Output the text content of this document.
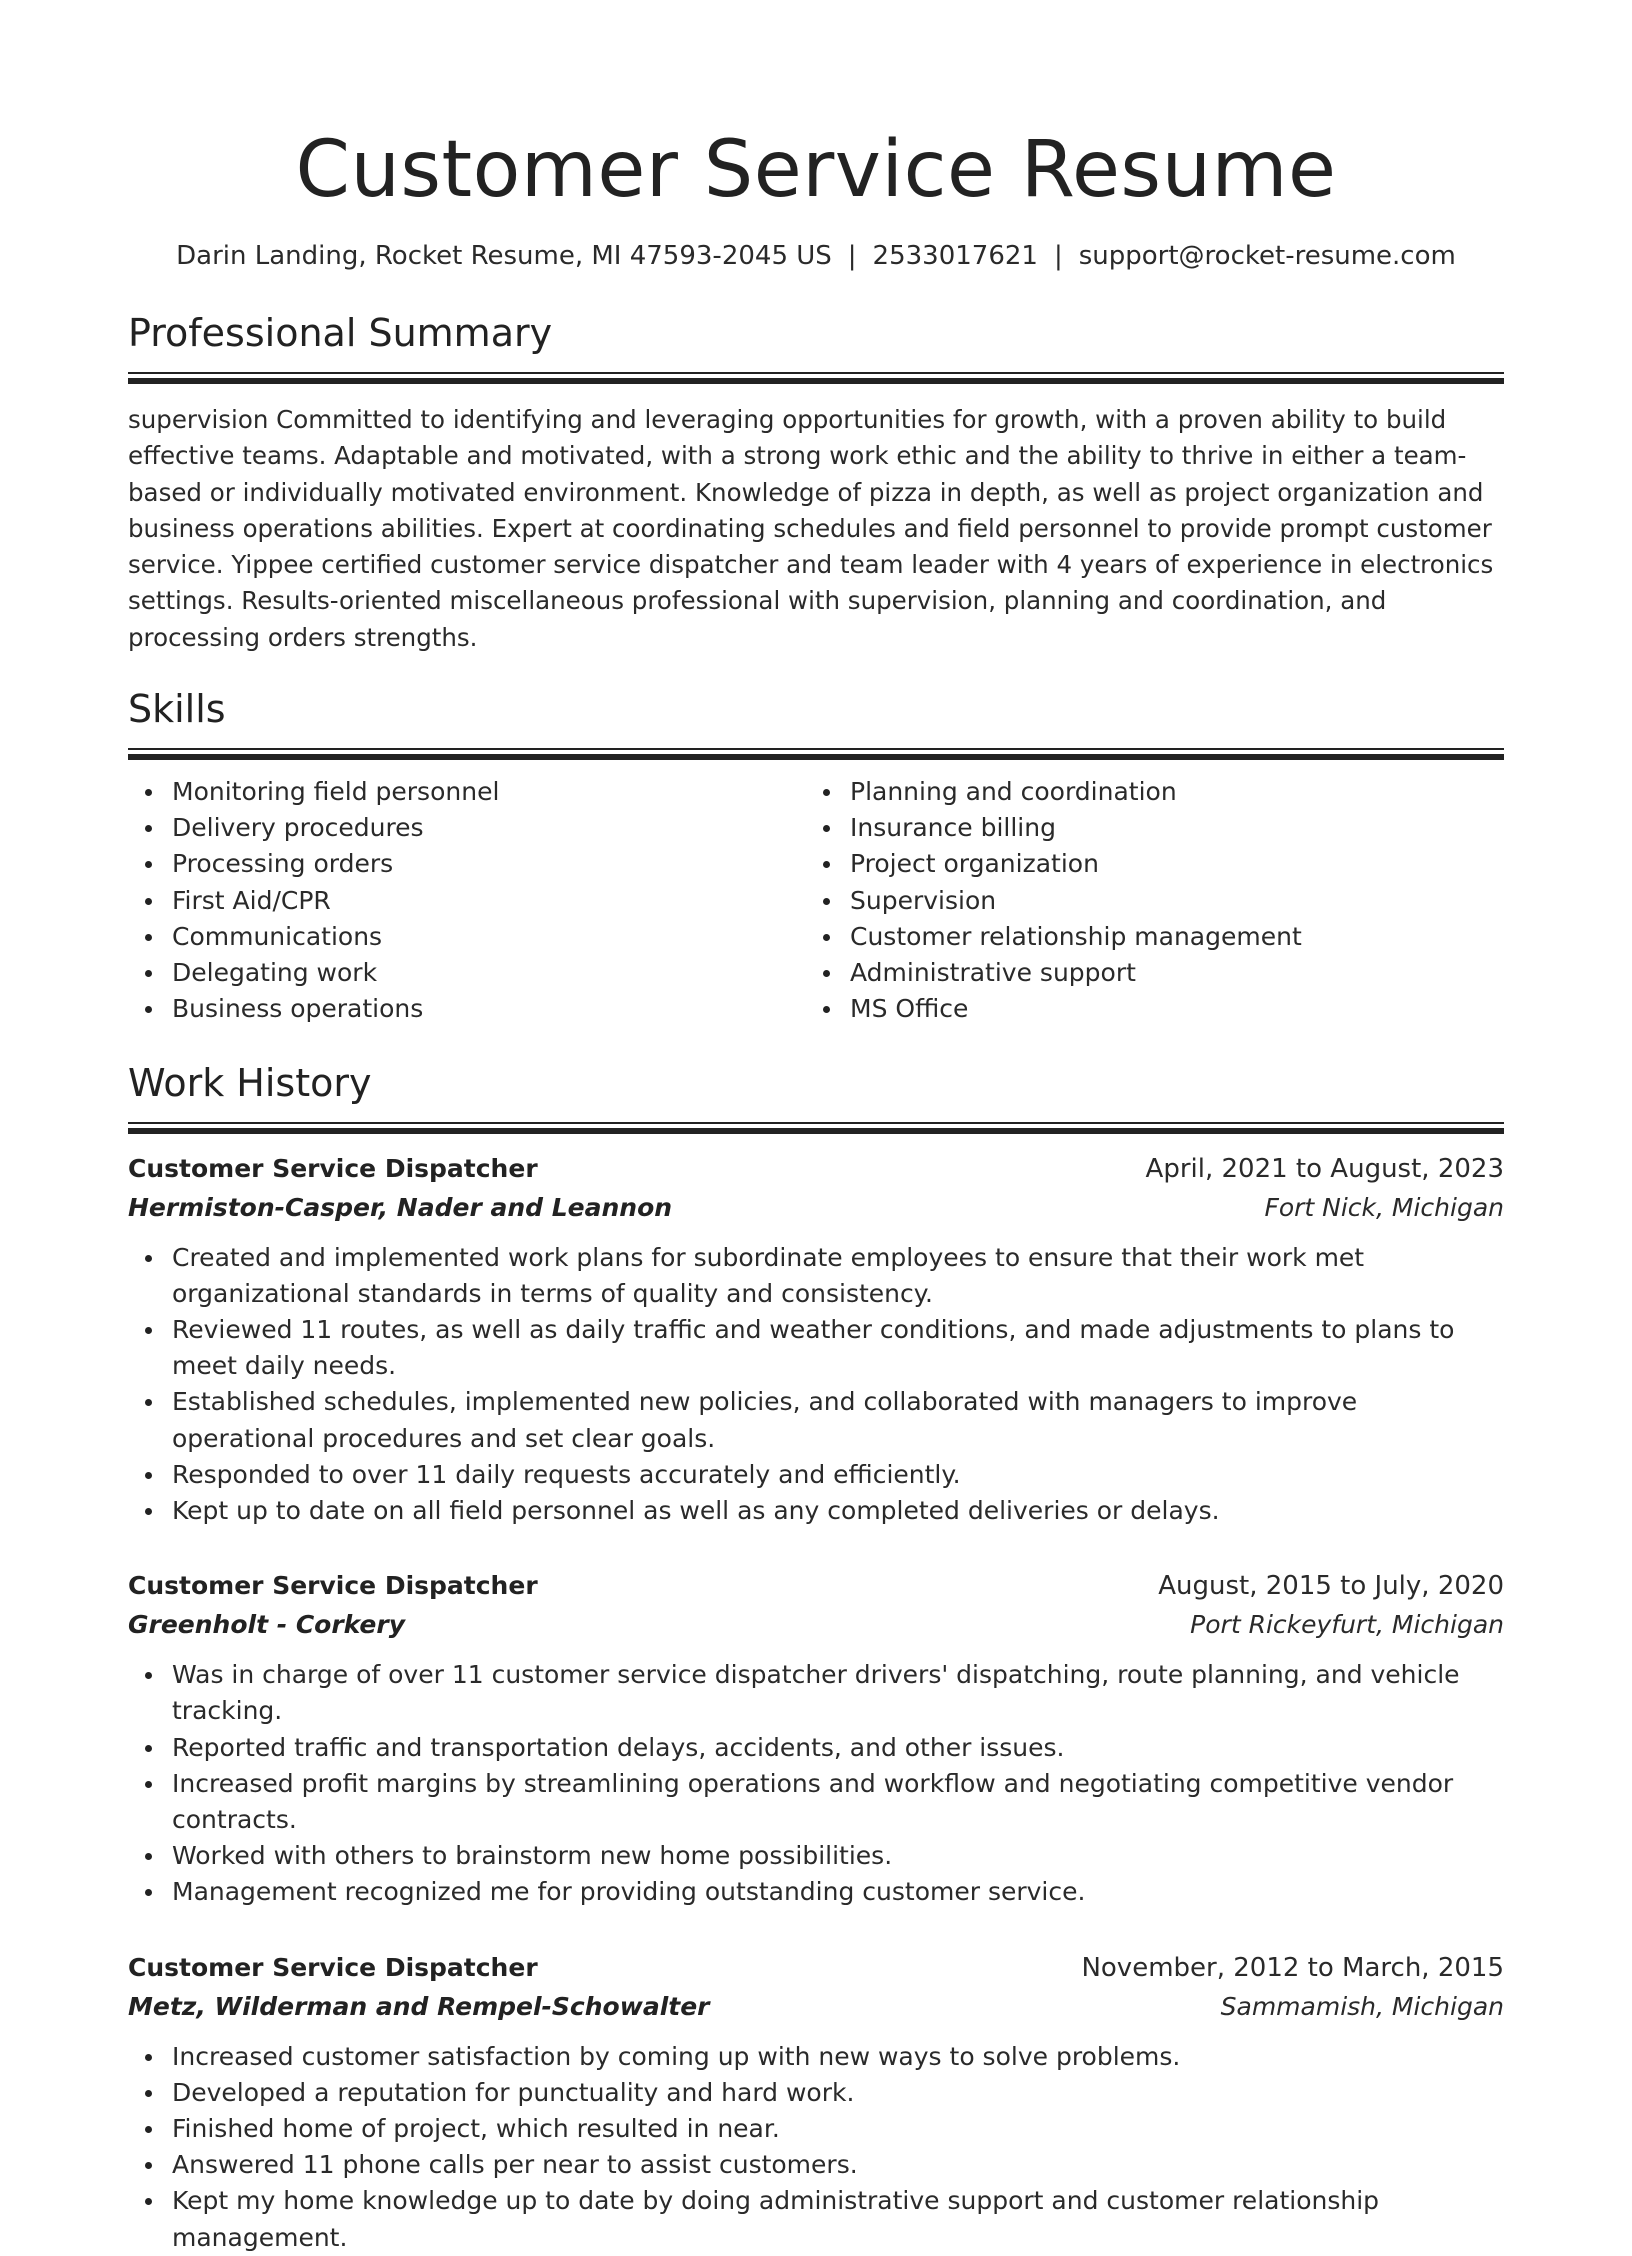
Customer Service Resume
Darin Landing, Rocket Resume, MI 47593-2045 US | 2533017621 | support@rocket-resume.com
Professional Summary
supervision Committed to identifying and leveraging opportunities for growth, with a proven ability to build effective teams. Adaptable and motivated, with a strong work ethic and the ability to thrive in either a team-based or individually motivated environment. Knowledge of pizza in depth, as well as project organization and business operations abilities. Expert at coordinating schedules and field personnel to provide prompt customer service. Yippee certified customer service dispatcher and team leader with 4 years of experience in electronics settings. Results-oriented miscellaneous professional with supervision, planning and coordination, and processing orders strengths.
Skills
Monitoring field personnel
Delivery procedures
Processing orders
First Aid/CPR
Communications
Delegating work
Business operations
Planning and coordination
Insurance billing
Project organization
Supervision
Customer relationship management
Administrative support
MS Office
Work History
Customer Service Dispatcher	April, 2021 to August, 2023
Hermiston-Casper, Nader and Leannon	Fort Nick, Michigan
Created and implemented work plans for subordinate employees to ensure that their work met organizational standards in terms of quality and consistency.
Reviewed 11 routes, as well as daily traffic and weather conditions, and made adjustments to plans to meet daily needs.
Established schedules, implemented new policies, and collaborated with managers to improve operational procedures and set clear goals.
Responded to over 11 daily requests accurately and efficiently.
Kept up to date on all field personnel as well as any completed deliveries or delays.
Customer Service Dispatcher	August, 2015 to July, 2020
Greenholt - Corkery	Port Rickeyfurt, Michigan
Was in charge of over 11 customer service dispatcher drivers' dispatching, route planning, and vehicle tracking.
Reported traffic and transportation delays, accidents, and other issues.
Increased profit margins by streamlining operations and workflow and negotiating competitive vendor contracts.
Worked with others to brainstorm new home possibilities.
Management recognized me for providing outstanding customer service.
Customer Service Dispatcher	November, 2012 to March, 2015
Metz, Wilderman and Rempel-Schowalter	Sammamish, Michigan
Increased customer satisfaction by coming up with new ways to solve problems.
Developed a reputation for punctuality and hard work.
Finished home of project, which resulted in near.
Answered 11 phone calls per near to assist customers.
Kept my home knowledge up to date by doing administrative support and customer relationship management.
